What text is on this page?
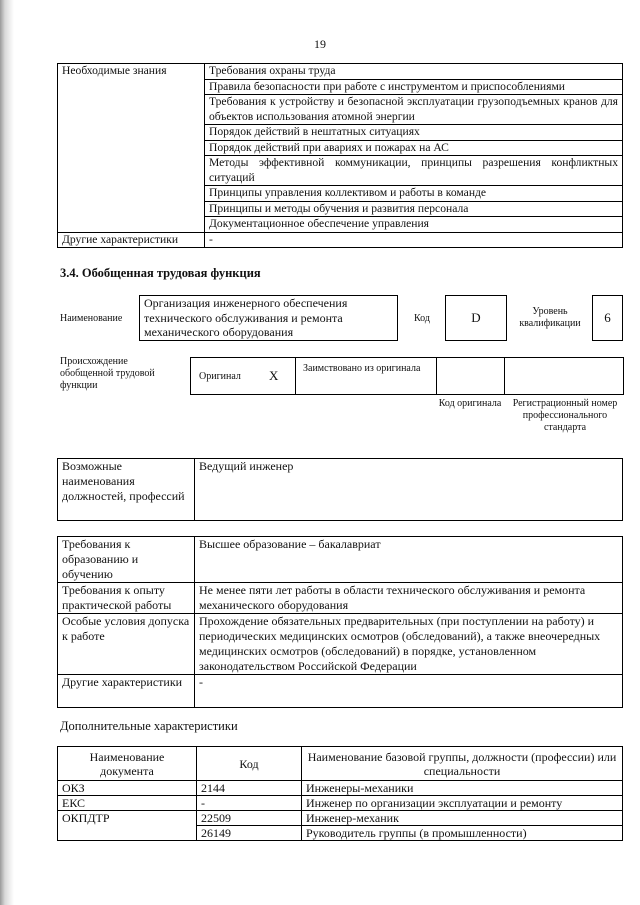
19
Необходимые знания	Требования охраны труда
	Правила безопасности при работе с инструментом и приспособлениями
	Требования к устройству и безопасной эксплуатации грузоподъемных кранов для объектов использования атомной энергии
	Порядок действий в нештатных ситуациях
	Порядок действий при авариях и пожарах на АС
	Методы эффективной коммуникации, принципы разрешения конфликтных ситуаций
	Принципы управления коллективом и работы в команде
	Принципы и методы обучения и развития персонала
	Документационное обеспечение управления
Другие характеристики	-
3.4. Обобщенная трудовая функция
Наименование
Организация инженерного обеспечения технического обслуживания и ремонта механического оборудования
Код	D	Уровень квалификации	6
Происхождение обобщенной трудовой функции
Оригинал X Заимствовано из оригинала
Код оригинала	Регистрационный номер профессионального стандарта
Возможные наименования должностей, профессий	Ведущий инженер
Требования к образованию и обучению	Высшее образование – бакалавриат
Требования к опыту практической работы	Не менее пяти лет работы в области технического обслуживания и ремонта механического оборудования
Особые условия допуска к работе	Прохождение обязательных предварительных (при поступлении на работу) и периодических медицинских осмотров (обследований), а также внеочередных медицинских осмотров (обследований) в порядке, установленном законодательством Российской Федерации
Другие характеристики	-
Дополнительные характеристики
Наименование документа	Код	Наименование базовой группы, должности (профессии) или специальности
ОКЗ	2144	Инженеры-механики
ЕКС	-	Инженер по организации эксплуатации и ремонту
ОКПДТР	22509	Инженер-механик
	26149	Руководитель группы (в промышленности)
